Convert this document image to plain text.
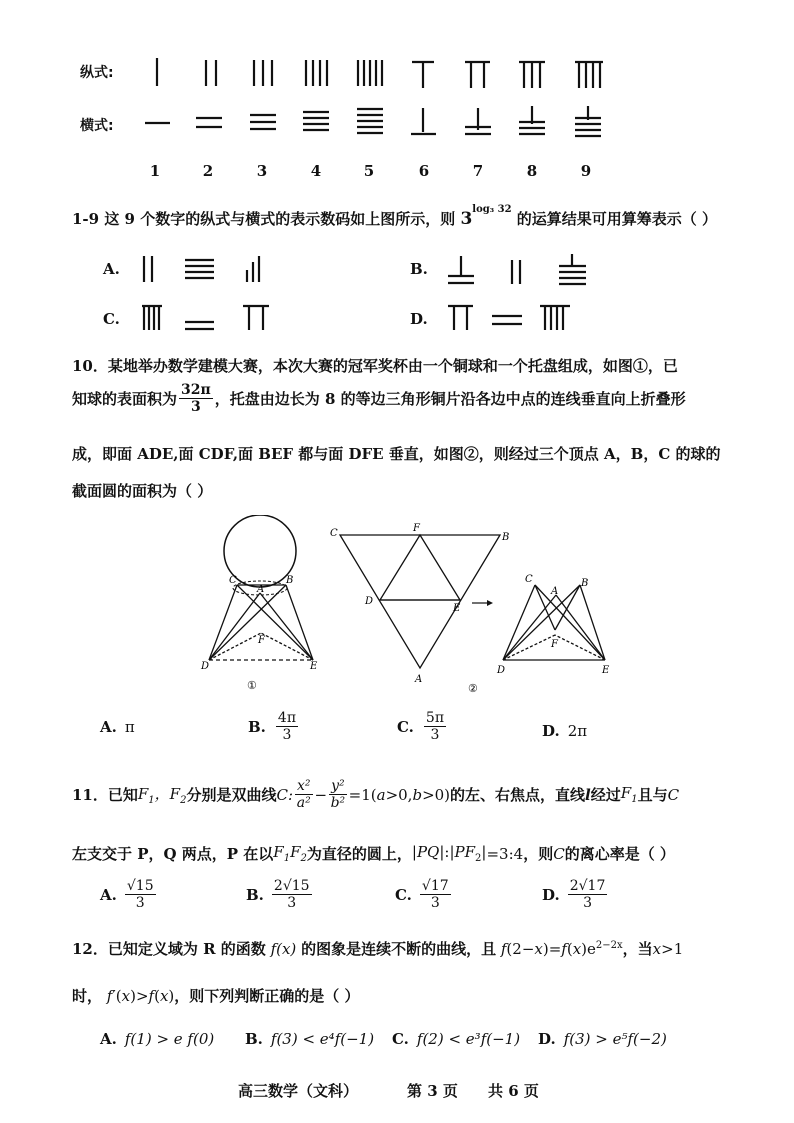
纵式:
横式:
1	2	3	4	5	6	7	8	9
1-9 这 9 个数字的纵式与横式的表示数码如上图所示，则 $3^{log_3 32}$ 的运算结果可用算筹表示（ ）
A.	B.
C.	D.
10．某地举办数学建模大赛，本次大赛的冠军奖杯由一个铜球和一个托盘组成，如图①，已
知球的表面积为 $\frac{32\pi}{3}$ ，托盘由边长为 8 的等边三角形铜片沿各边中点的连线垂直向上折叠形
成，即面 ADE,面 CDF,面 BEF 都与面 DFE 垂直，如图②，则经过三个顶点 A，B，C 的球的
截面圆的面积为（ ）
C	B
A
F
D	E
①
C	F
B
D
E
A
C
A
B
F
D	E
②
A. π	B. $\frac{4\pi}{3}$	C. $\frac{5\pi}{3}$	D. 2π
11．已知 $F_1$，$F_2$ 分别是双曲线 C: $\frac{\text{x²}}{\text{a²}} - \frac{\text{y²}}{\text{b²}} =1(a>0,b>0)$ 的左、右焦点，直线 l 经过 $F_1$ 且与 C
左支交于 P，Q 两点，P 在以 $F_1F_2$ 为直径的圆上， $|PQ|:|PF_2|$ =3:4 ，则 C 的离心率是（ ）
A. $\frac{√15}{3}$	B. $\frac{2√15}{3}$	C. $\frac{√17}{3}$	D. $\frac{2√17}{3}$
12．已知定义域为 R 的函数 f(x) 的图象是连续不断的曲线，且 $f(2-x)=f(x)e^{2-2x}$ ，当 x >1
时， f′(x)>f(x) ，则下列判断正确的是（ ）
A. f(1) > e f(0) B. f(3) < e⁴f(−1) C. f(2) < e³f(−1) D. f(3) > e⁵f(−2)
高三数学（文科）	第 3 页 共 6 页
